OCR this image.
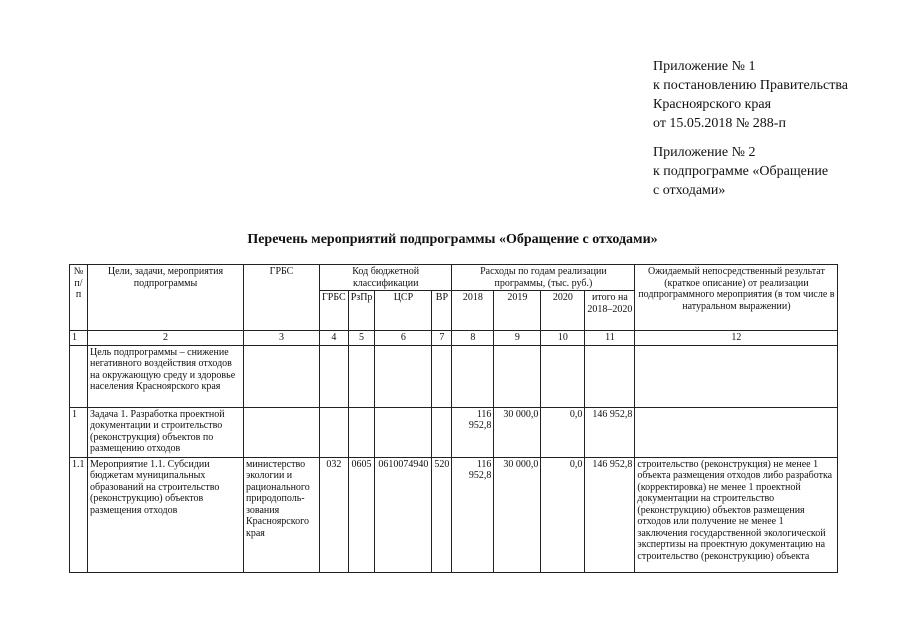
Приложение № 1
к постановлению Правительства
Красноярского края
от 15.05.2018 № 288-п
Приложение № 2
к подпрограмме «Обращение
с отходами»
Перечень мероприятий подпрограммы «Обращение с отходами»
№ п/п	Цели, задачи, мероприятия подпрограммы	ГРБС	Код бюджетной классификации				Расходы по годам реализации программы, (тыс. руб.)				Ожидаемый непосредственный результат (краткое описание) от реализации подпрограммного мероприятия (в том числе в натуральном выражении)
			ГРБС	РзПр	ЦСР	ВР	2018	2019	2020	итого на 2018–2020	
1	2	3	4	5	6	7	8	9	10	11	12
	Цель подпрограммы – снижение негативного воздействия отходов на окружающую среду и здоровье населения Красноярского края										
1	Задача 1. Разработка проектной документации и строительство (реконструкция) объектов по размещению отходов						116 952,8	30 000,0	0,0	146 952,8	
1.1	Мероприятие 1.1. Субсидии бюджетам муниципальных образований на строительство (реконструкцию) объектов размещения отходов	министерство экологии и рационального природополь-зования Красноярского края	032	0605	0610074940	520	116 952,8	30 000,0	0,0	146 952,8	строительство (реконструкция) не менее 1 объекта размещения отходов либо разработка (корректировка) не менее 1 проектной документации на строительство (реконструкцию) объектов размещения отходов или получение не менее 1 заключения государственной экологической экспертизы на проектную документацию на строительство (реконструкцию) объекта
